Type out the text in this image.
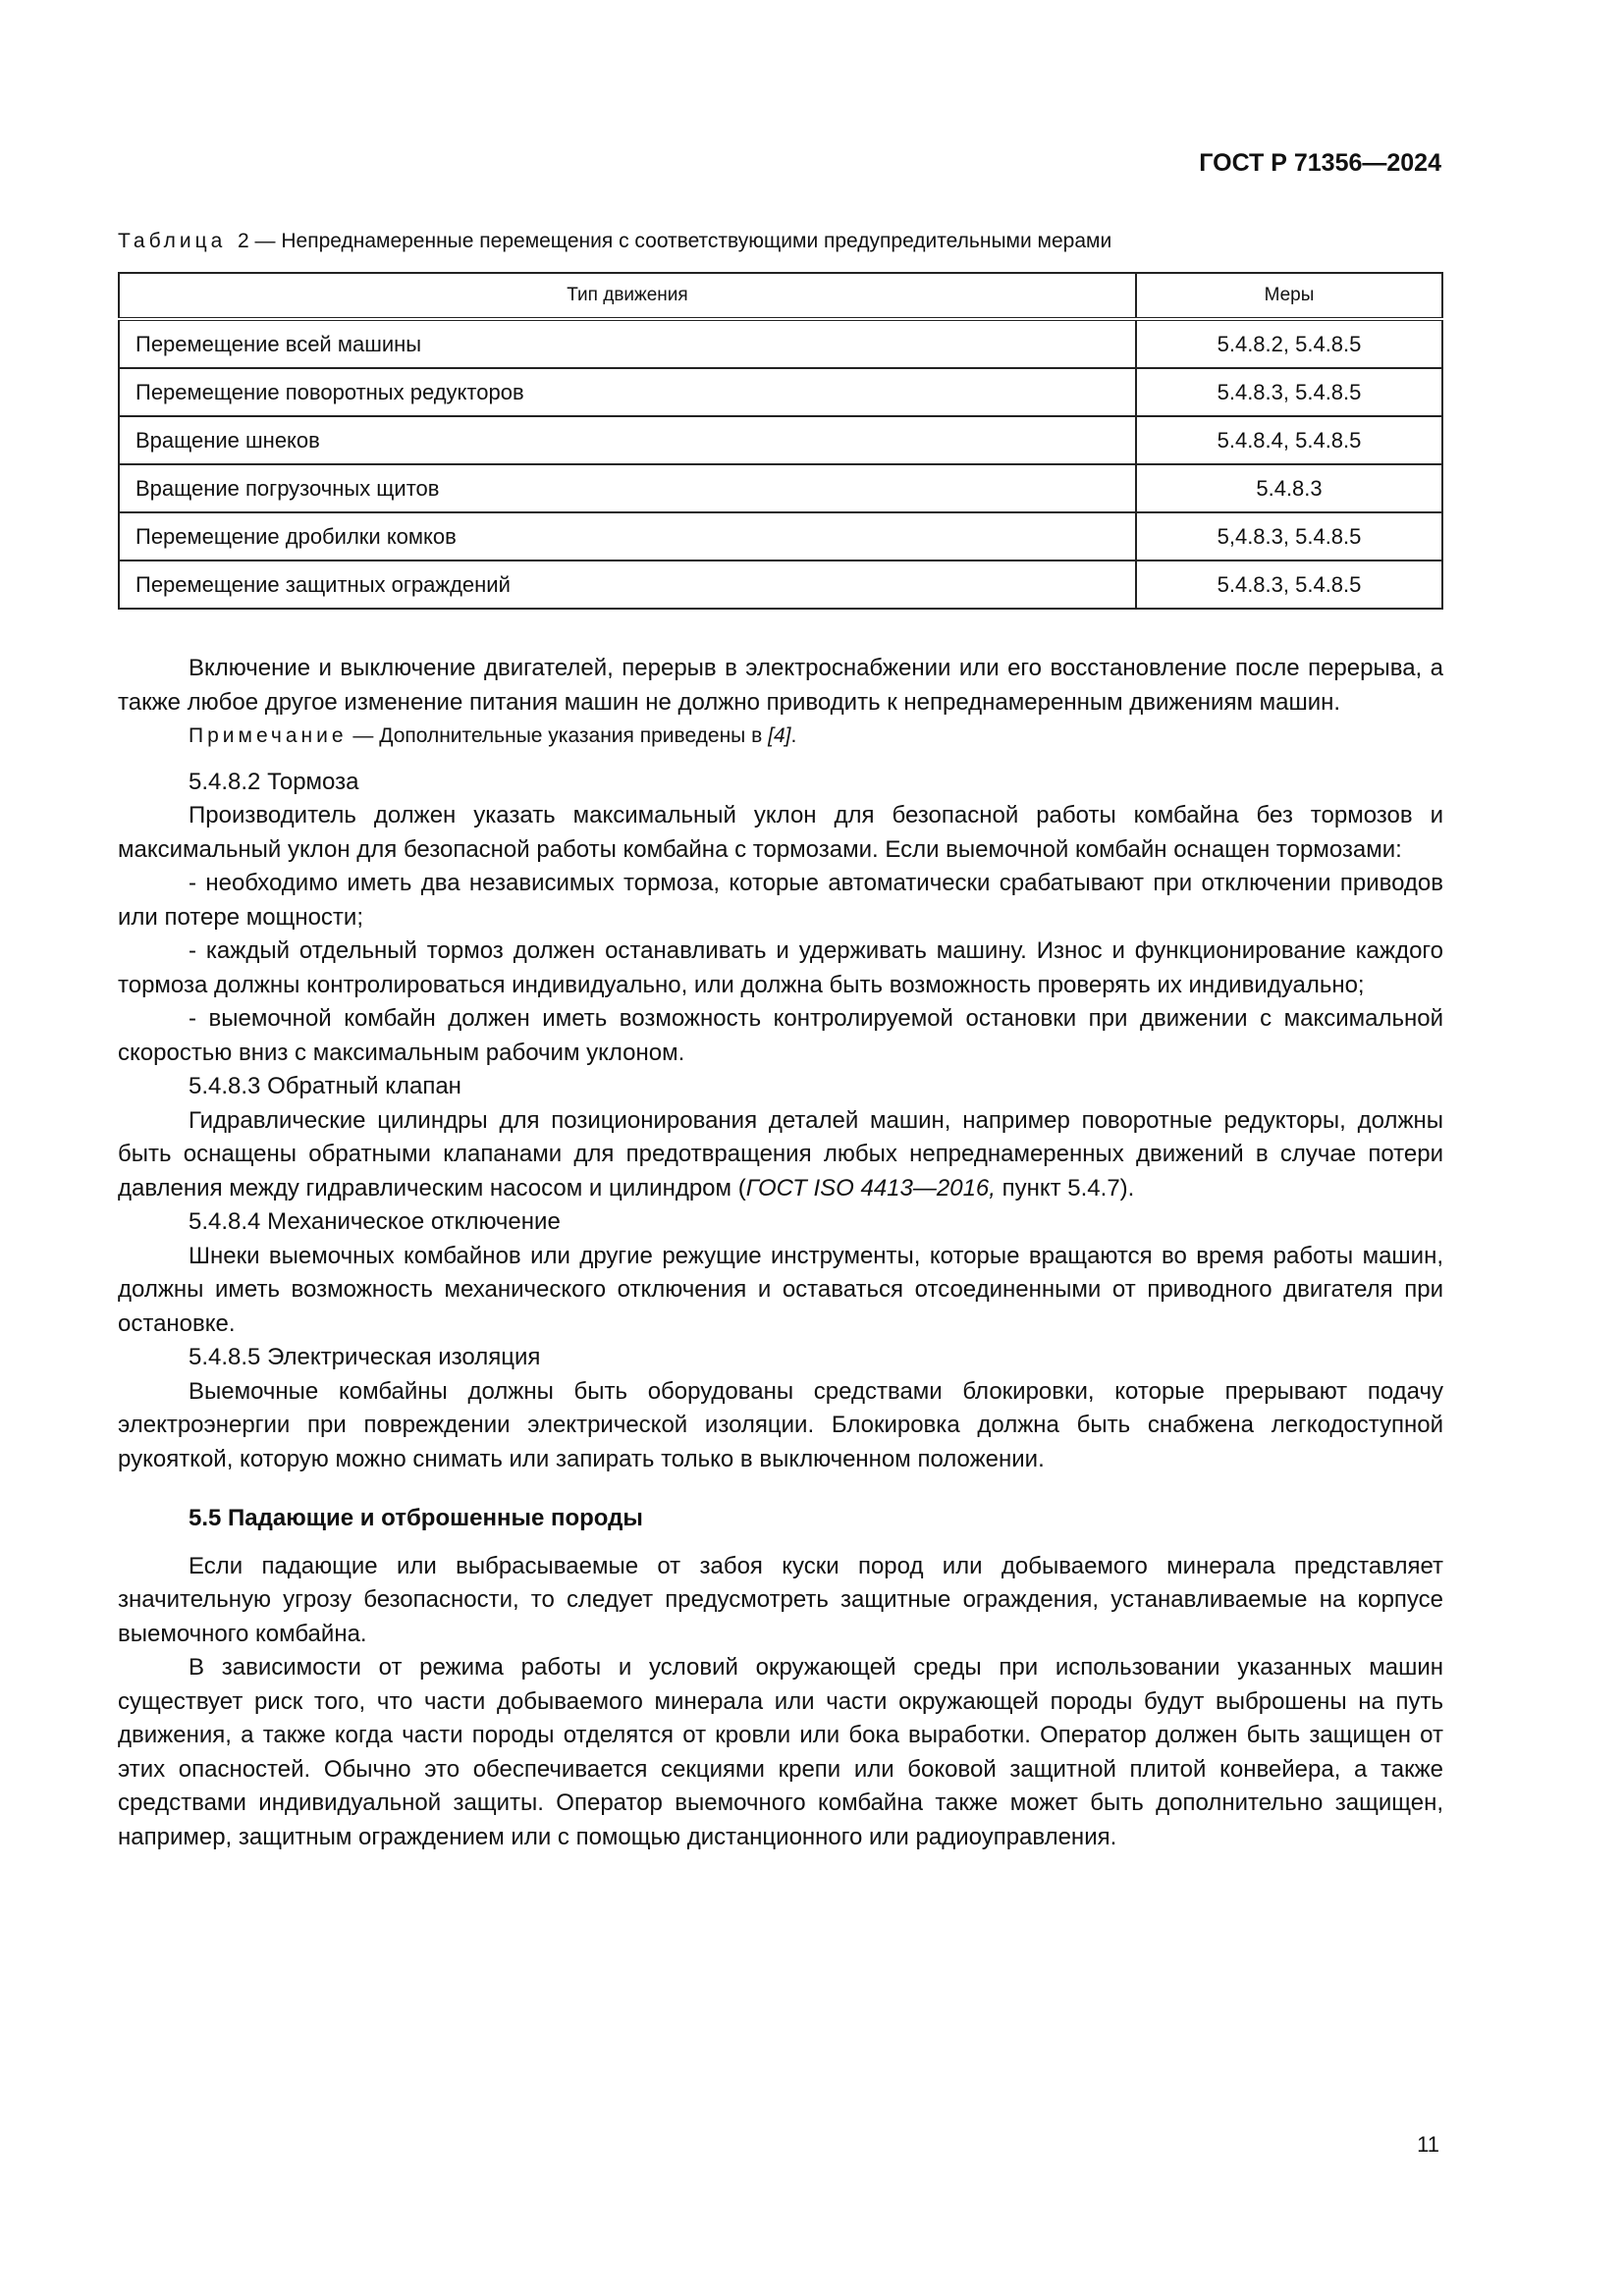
ГОСТ Р 71356—2024
Таблица 2 — Непреднамеренные перемещения с соответствующими предупредительными мерами
Тип движения	Меры
Перемещение всей машины	5.4.8.2, 5.4.8.5
Перемещение поворотных редукторов	5.4.8.3, 5.4.8.5
Вращение шнеков	5.4.8.4, 5.4.8.5
Вращение погрузочных щитов	5.4.8.3
Перемещение дробилки комков	5,4.8.3, 5.4.8.5
Перемещение защитных ограждений	5.4.8.3, 5.4.8.5

Включение и выключение двигателей, перерыв в электроснабжении или его восстановление после перерыва, а также любое другое изменение питания машин не должно приводить к непреднамеренным движениям машин.

Примечание — Дополнительные указания приведены в [4].

5.4.8.2 Тормоза

Производитель должен указать максимальный уклон для безопасной работы комбайна без тормозов и максимальный уклон для безопасной работы комбайна с тормозами. Если выемочной комбайн оснащен тормозами:

- необходимо иметь два независимых тормоза, которые автоматически срабатывают при отключении приводов или потере мощности;

- каждый отдельный тормоз должен останавливать и удерживать машину. Износ и функционирование каждого тормоза должны контролироваться индивидуально, или должна быть возможность проверять их индивидуально;

- выемочной комбайн должен иметь возможность контролируемой остановки при движении с максимальной скоростью вниз с максимальным рабочим уклоном.

5.4.8.3 Обратный клапан

Гидравлические цилиндры для позиционирования деталей машин, например поворотные редукторы, должны быть оснащены обратными клапанами для предотвращения любых непреднамеренных движений в случае потери давления между гидравлическим насосом и цилиндром (ГОСТ ISO 4413—2016, пункт 5.4.7).

5.4.8.4 Механическое отключение

Шнеки выемочных комбайнов или другие режущие инструменты, которые вращаются во время работы машин, должны иметь возможность механического отключения и оставаться отсоединенными от приводного двигателя при остановке.

5.4.8.5 Электрическая изоляция

Выемочные комбайны должны быть оборудованы средствами блокировки, которые прерывают подачу электроэнергии при повреждении электрической изоляции. Блокировка должна быть снабжена легкодоступной рукояткой, которую можно снимать или запирать только в выключенном положении.

5.5 Падающие и отброшенные породы

Если падающие или выбрасываемые от забоя куски пород или добываемого минерала представляет значительную угрозу безопасности, то следует предусмотреть защитные ограждения, устанавливаемые на корпусе выемочного комбайна.

В зависимости от режима работы и условий окружающей среды при использовании указанных машин существует риск того, что части добываемого минерала или части окружающей породы будут выброшены на путь движения, а также когда части породы отделятся от кровли или бока выработки. Оператор должен быть защищен от этих опасностей. Обычно это обеспечивается секциями крепи или боковой защитной плитой конвейера, а также средствами индивидуальной защиты. Оператор выемочного комбайна также может быть дополнительно защищен, например, защитным ограждением или с помощью дистанционного или радиоуправления.

11
